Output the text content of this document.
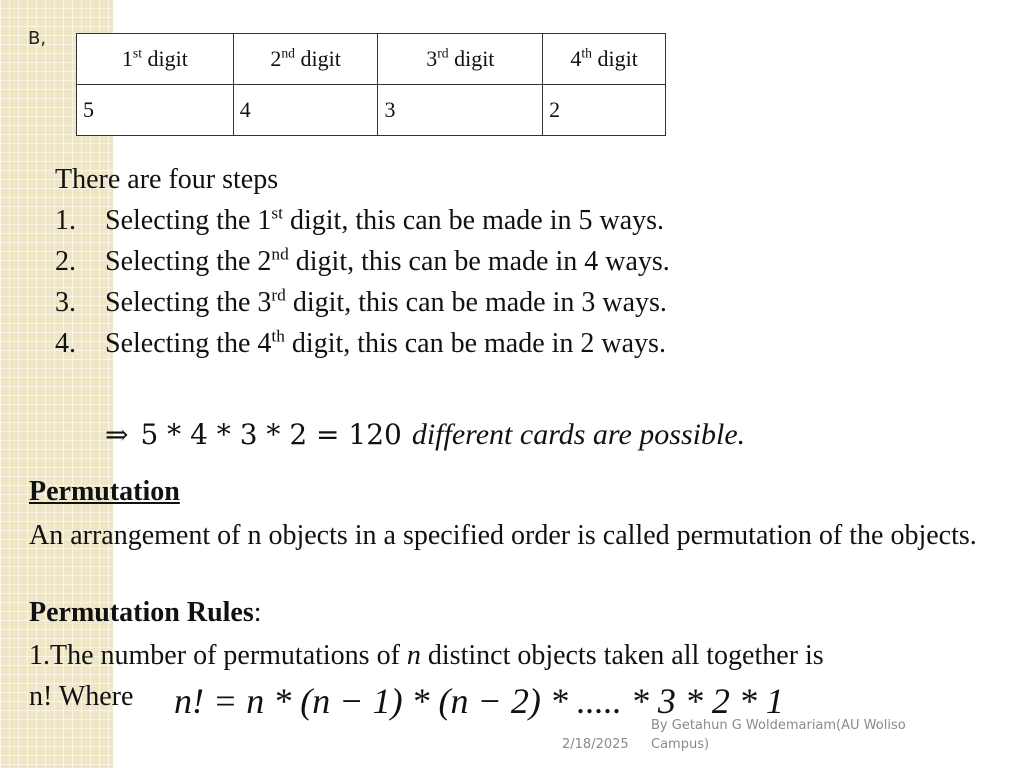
B,
1st digit	2nd digit	3rd digit	4th digit
5	4	3	2
There are four steps
1. Selecting the 1st digit, this can be made in 5 ways.
2. Selecting the 2nd digit, this can be made in 4 ways.
3. Selecting the 3rd digit, this can be made in 3 ways.
4. Selecting the 4th digit, this can be made in 2 ways.
⇒ 5 * 4 * 3 * 2 = 120 different cards are possible.
Permutation
An arrangement of n objects in a specified order is called permutation of the objects.
Permutation Rules:
1.The number of permutations of n distinct objects taken all together is
n! Where n! = n * (n − 1) * (n − 2) * ..... * 3 * 2 * 1
2/18/2025
By Getahun G Woldemariam(AU Woliso Campus)
